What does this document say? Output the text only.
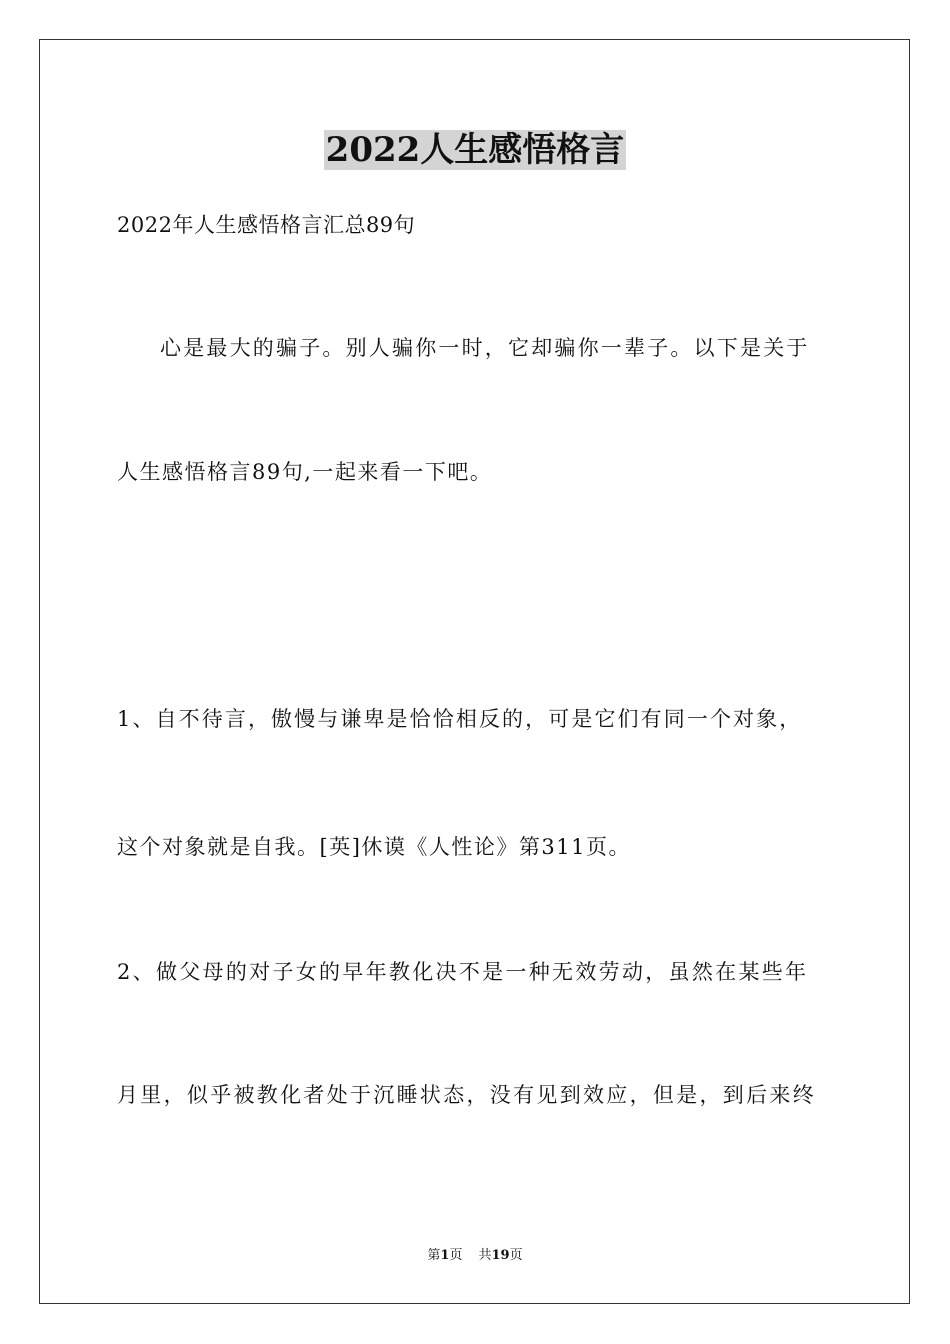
2022人生感悟格言

2022年人生感悟格言汇总89句

心是最大的骗子。别人骗你一时，它却骗你一辈子。以下是关于

人生感悟格言89句,一起来看一下吧。

1、自不待言，傲慢与谦卑是恰恰相反的，可是它们有同一个对象，

这个对象就是自我。[英]休谟《人性论》第311页。

2、做父母的对子女的早年教化决不是一种无效劳动，虽然在某些年

月里，似乎被教化者处于沉睡状态，没有见到效应，但是，到后来终

第1页 共19页
